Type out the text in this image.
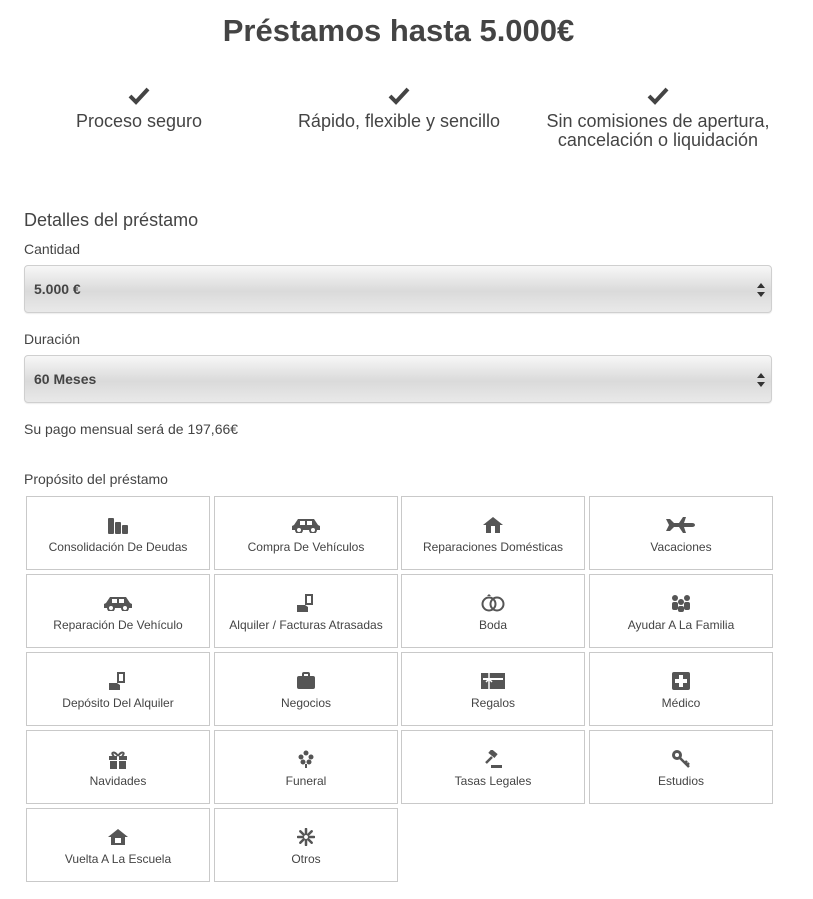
Préstamos hasta 5.000€
Proceso seguro	Rápido, flexible y sencillo	Sin comisiones de apertura,
cancelación o liquidación
Detalles del préstamo
Cantidad
5.000 €
Duración
60 Meses
Su pago mensual será de 197,66€
Propósito del préstamo
Consolidación De Deudas	Compra De Vehículos	Reparaciones Domésticas	Vacaciones
Reparación De Vehículo	Alquiler / Facturas Atrasadas	Boda	Ayudar A La Familia
Depósito Del Alquiler	Negocios	Regalos	Médico
Navidades	Funeral	Tasas Legales	Estudios
Vuelta A La Escuela	Otros
